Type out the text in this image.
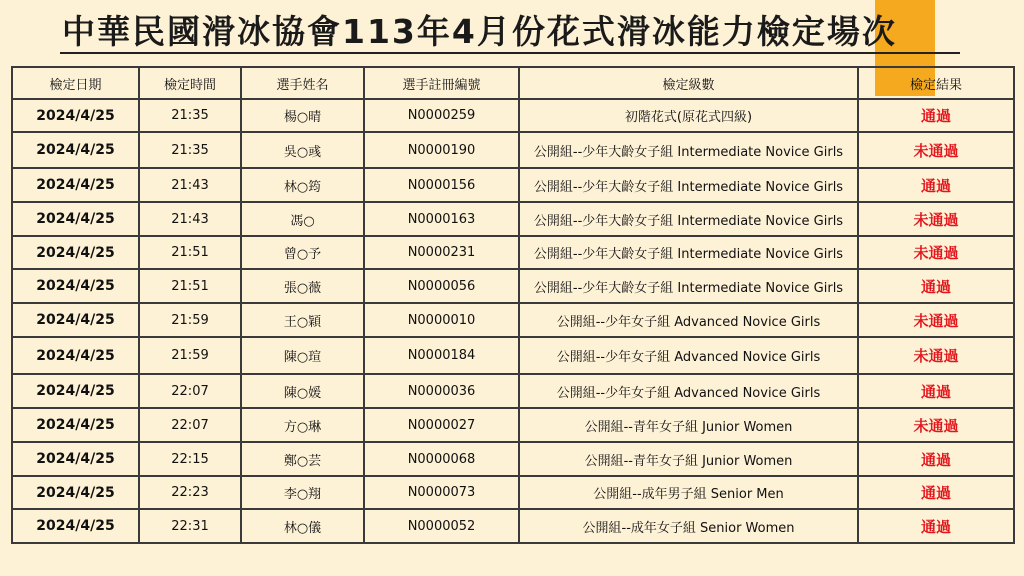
中華民國滑冰協會113年4月份花式滑冰能力檢定場次
檢定日期	檢定時間	選手姓名	選手註冊編號	檢定級數	檢定結果
2024/4/25	21:35	楊○晴	N0000259	初階花式(原花式四級)	通過
2024/4/25	21:35	吳○彧	N0000190	公開組--少年大齡女子組 Intermediate Novice Girls	未通過
2024/4/25	21:43	林○筠	N0000156	公開組--少年大齡女子組 Intermediate Novice Girls	通過
2024/4/25	21:43	馮○	N0000163	公開組--少年大齡女子組 Intermediate Novice Girls	未通過
2024/4/25	21:51	曾○予	N0000231	公開組--少年大齡女子組 Intermediate Novice Girls	未通過
2024/4/25	21:51	張○薇	N0000056	公開組--少年大齡女子組 Intermediate Novice Girls	通過
2024/4/25	21:59	王○穎	N0000010	公開組--少年女子組 Advanced Novice Girls	未通過
2024/4/25	21:59	陳○瑄	N0000184	公開組--少年女子組 Advanced Novice Girls	未通過
2024/4/25	22:07	陳○媛	N0000036	公開組--少年女子組 Advanced Novice Girls	通過
2024/4/25	22:07	方○琳	N0000027	公開組--青年女子組 Junior Women	未通過
2024/4/25	22:15	鄭○芸	N0000068	公開組--青年女子組 Junior Women	通過
2024/4/25	22:23	李○翔	N0000073	公開組--成年男子組 Senior Men	通過
2024/4/25	22:31	林○儀	N0000052	公開組--成年女子組 Senior Women	通過
